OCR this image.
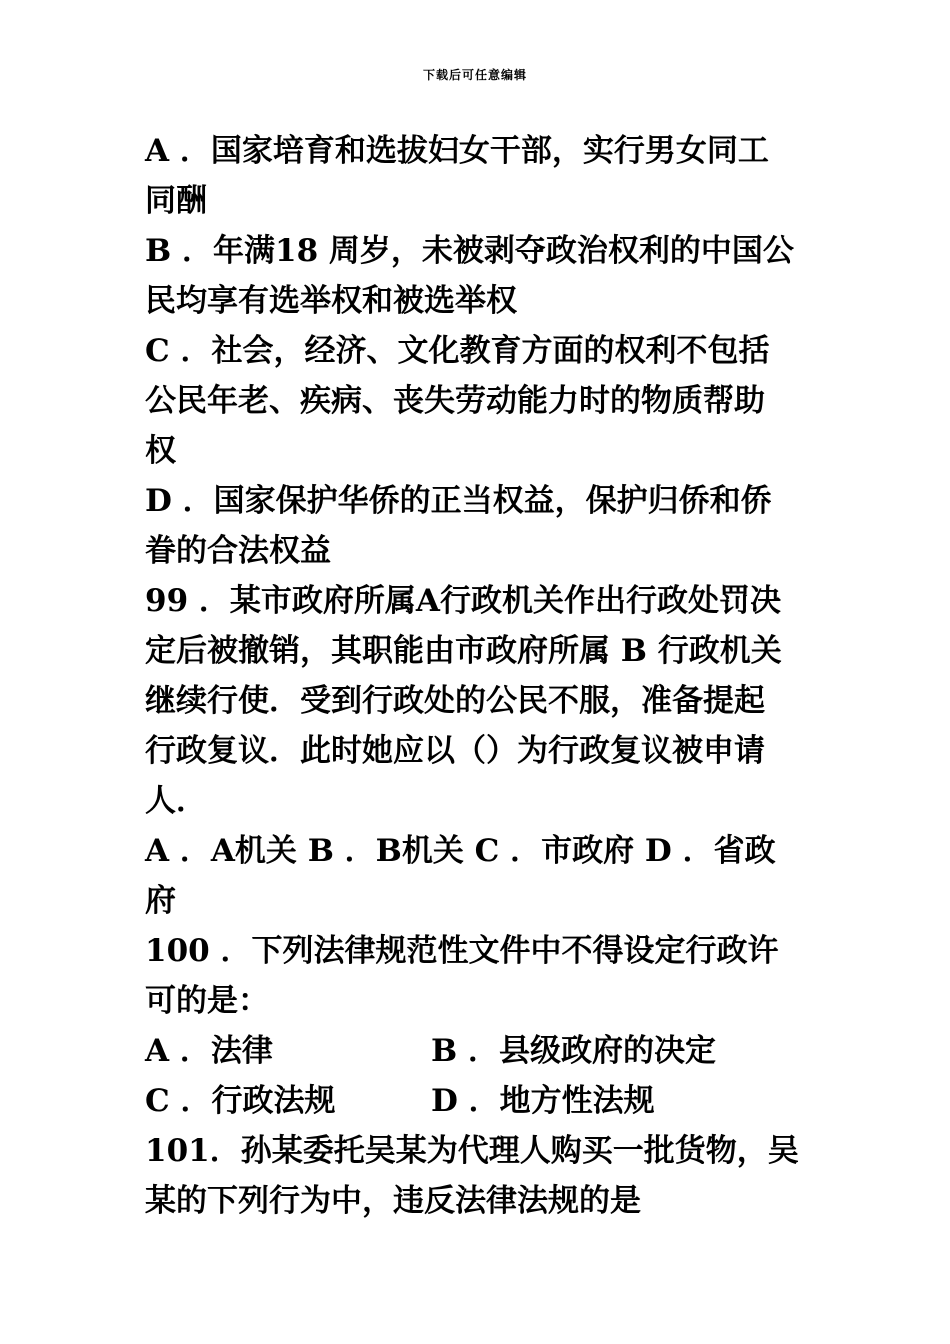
下载后可任意编辑
A ．国家培育和选拔妇女干部，实行男女同工
同酬
B ．年满18 周岁，未被剥夺政治权利的中国公
民均享有选举权和被选举权
C ．社会，经济、文化教育方面的权利不包括
公民年老、疾病、丧失劳动能力时的物质帮助
权
D ．国家保护华侨的正当权益，保护归侨和侨
眷的合法权益
99 ．某市政府所属A行政机关作出行政处罚决
定后被撤销，其职能由市政府所属 B 行政机关
继续行使．受到行政处的公民不服，准备提起
行政复议．此时她应以（）为行政复议被申请
人．
A ．A机关 B ．B机关 C ．市政府 D ．省政
府
100 ．下列法律规范性文件中不得设定行政许
可的是：
A ．法律	B ．县级政府的决定
C ．行政法规	D ．地方性法规
101．孙某委托吴某为代理人购买一批货物，吴
某的下列行为中，违反法律法规的是
